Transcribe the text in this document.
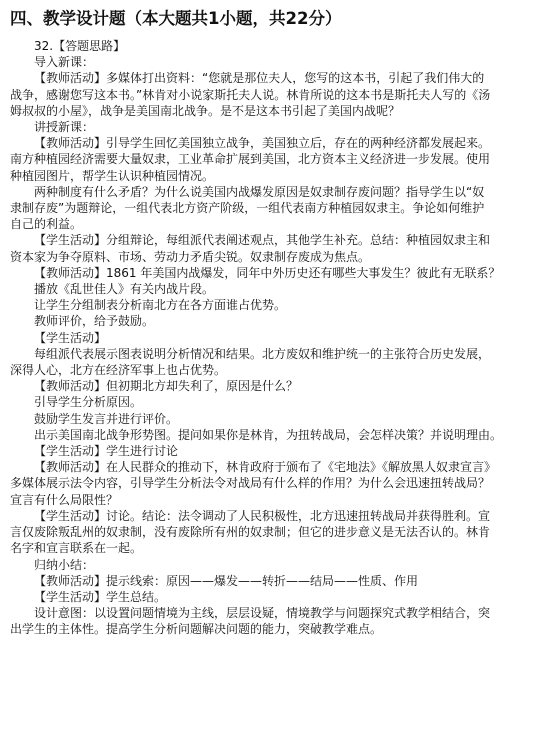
四、教学设计题（本大题共1小题，共22分）
32.【答题思路】
导入新课：
【教师活动】多媒体打出资料：“您就是那位夫人，您写的这本书，引起了我们伟大的
战争，感谢您写这本书。”林肯对小说家斯托夫人说。林肯所说的这本书是斯托夫人写的《汤
姆叔叔的小屋》，战争是美国南北战争。是不是这本书引起了美国内战呢？
讲授新课：
【教师活动】引导学生回忆美国独立战争，美国独立后，存在的两种经济都发展起来。
南方种植园经济需要大量奴隶，工业革命扩展到美国，北方资本主义经济进一步发展。使用
种植园图片，帮学生认识种植园情况。
两种制度有什么矛盾？为什么说美国内战爆发原因是奴隶制存废问题？指导学生以“奴
隶制存废”为题辩论，一组代表北方资产阶级，一组代表南方种植园奴隶主。争论如何维护
自己的利益。
【学生活动】分组辩论，每组派代表阐述观点，其他学生补充。总结：种植园奴隶主和
资本家为争夺原料、市场、劳动力矛盾尖锐。奴隶制存废成为焦点。
【教师活动】1861 年美国内战爆发，同年中外历史还有哪些大事发生？彼此有无联系？
播放《乱世佳人》有关内战片段。
让学生分组制表分析南北方在各方面谁占优势。
教师评价，给予鼓励。
【学生活动】
每组派代表展示图表说明分析情况和结果。北方废奴和维护统一的主张符合历史发展，
深得人心，北方在经济军事上也占优势。
【教师活动】但初期北方却失利了，原因是什么？
引导学生分析原因。
鼓励学生发言并进行评价。
出示美国南北战争形势图。提问如果你是林肯，为扭转战局，会怎样决策？并说明理由。
【学生活动】学生进行讨论
【教师活动】在人民群众的推动下，林肯政府于颁布了《宅地法》《解放黑人奴隶宣言》
多媒体展示法令内容，引导学生分析法令对战局有什么样的作用？为什么会迅速扭转战局？
宣言有什么局限性？
【学生活动】讨论。结论：法令调动了人民积极性，北方迅速扭转战局并获得胜利。宣
言仅废除叛乱州的奴隶制，没有废除所有州的奴隶制；但它的进步意义是无法否认的。林肯
名字和宣言联系在一起。
归纳小结：
【教师活动】提示线索：原因——爆发——转折——结局——性质、作用
【学生活动】学生总结。
设计意图：以设置问题情境为主线，层层设疑，情境教学与问题探究式教学相结合，突
出学生的主体性。提高学生分析问题解决问题的能力，突破教学难点。
